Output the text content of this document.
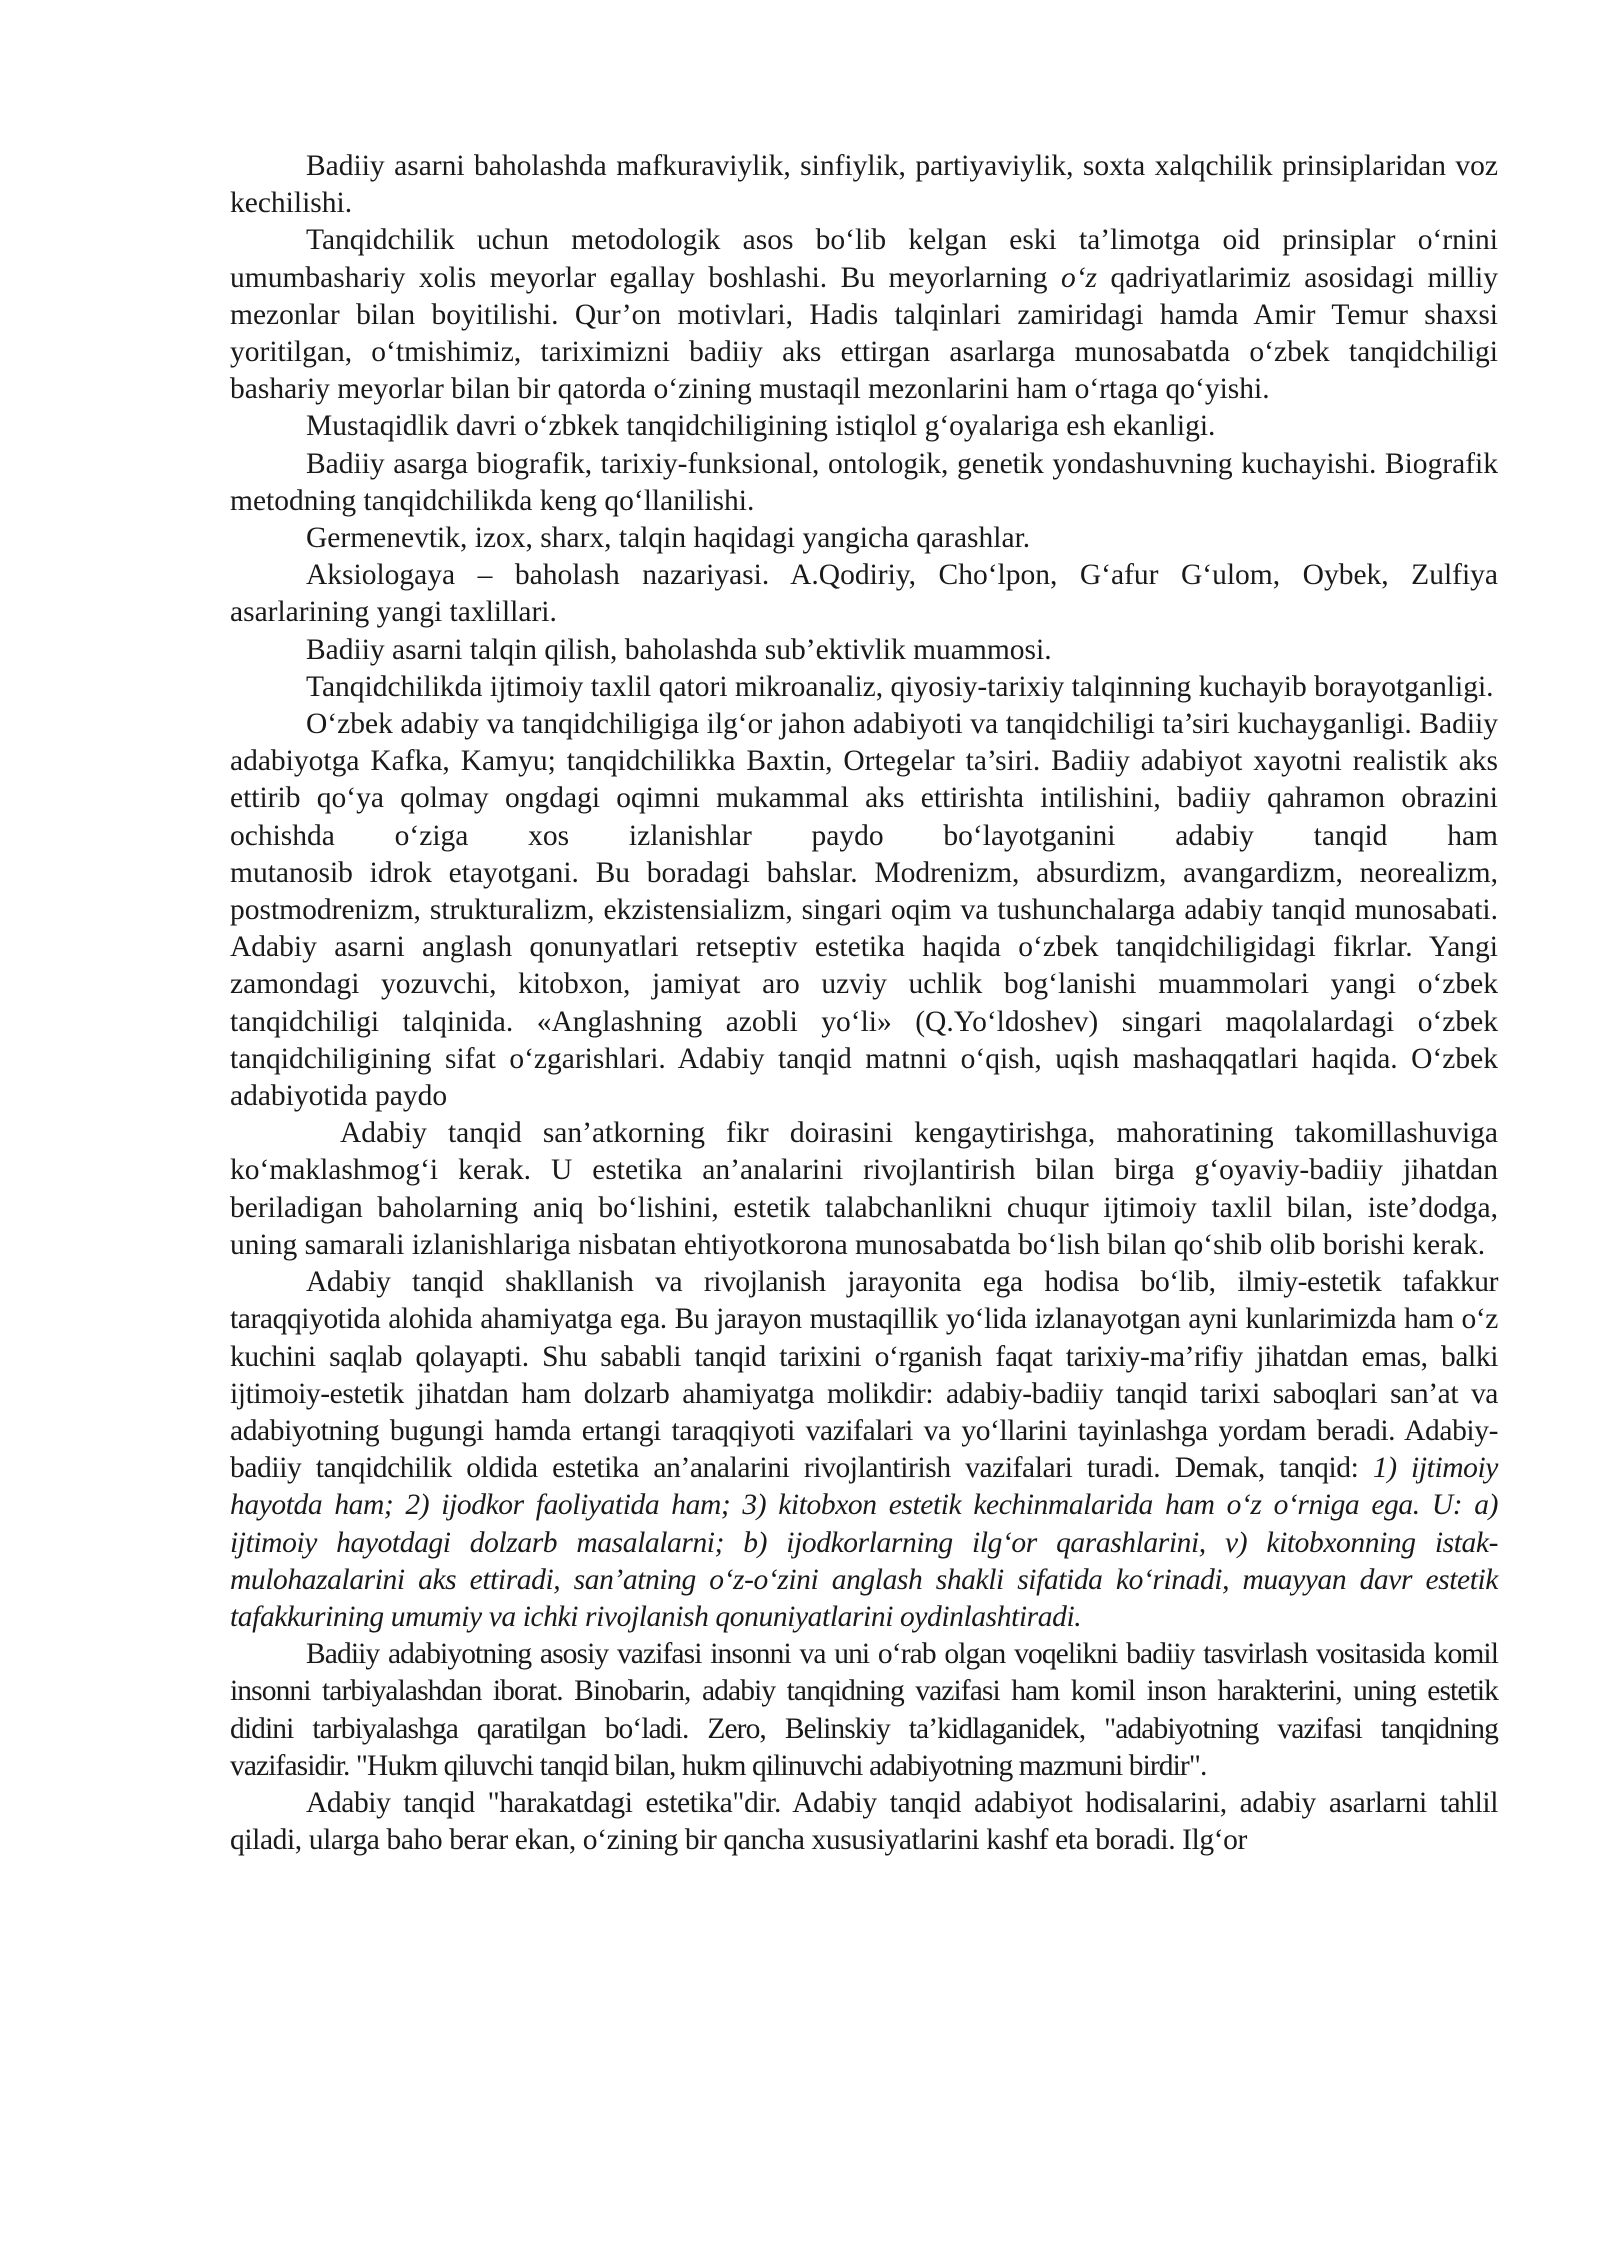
Badiiy asarni baholashda mafkuraviylik, sinfiylik, partiyaviylik, soxta xalqchilik prinsiplaridan voz kechilishi.

Tanqidchilik uchun metodologik asos bo‘lib kelgan eski ta’limotga oid prinsiplar o‘rnini umumbashariy xolis meyorlar egallay boshlashi. Bu meyorlarning o‘z qadriyatlarimiz asosidagi milliy mezonlar bilan boyitilishi. Qur’on motivlari, Hadis talqinlari zamiridagi hamda Amir Temur shaxsi yoritilgan, o‘tmishimiz, tariximizni badiiy aks ettirgan asarlarga munosabatda o‘zbek tanqidchiligi bashariy meyorlar bilan bir qatorda o‘zining mustaqil mezonlarini ham o‘rtaga qo‘yishi.

Mustaqidlik davri o‘zbkek tanqidchiligining istiqlol g‘oyalariga esh ekanligi.

Badiiy asarga biografik, tarixiy-funksional, ontologik, genetik yondashuvning kuchayishi. Biografik metodning tanqidchilikda keng qo‘llanilishi.

Germenevtik, izox, sharx, talqin haqidagi yangicha qarashlar.

Aksiologaya – baholash nazariyasi. A.Qodiriy, Cho‘lpon, G‘afur G‘ulom, Oybek, Zulfiya asarlarining yangi taxlillari.

Badiiy asarni talqin qilish, baholashda sub’ektivlik muammosi.

Tanqidchilikda ijtimoiy taxlil qatori mikroanaliz, qiyosiy-tarixiy talqinning kuchayib borayotganligi.

O‘zbek adabiy va tanqidchiligiga ilg‘or jahon adabiyoti va tanqidchiligi ta’siri kuchayganligi. Badiiy adabiyotga Kafka, Kamyu; tanqidchilikka Baxtin, Ortegelar ta’siri. Badiiy adabiyot xayotni realistik aks ettirib qo‘ya qolmay ongdagi oqimni mukammal aks ettirishta intilishini, badiiy qahramon obrazini ochishda o‘ziga xos izlanishlar paydo bo‘layotganini adabiy tanqid ham

mutanosib idrok etayotgani. Bu boradagi bahslar. Modrenizm, absurdizm, avangardizm, neorealizm, postmodrenizm, strukturalizm, ekzistensializm, singari oqim va tushunchalarga adabiy tanqid munosabati. Adabiy asarni anglash qonunyatlari retseptiv estetika haqida o‘zbek tanqidchiligidagi fikrlar. Yangi zamondagi yozuvchi, kitobxon, jamiyat aro uzviy uchlik bog‘lanishi muammolari yangi o‘zbek tanqidchiligi talqinida. «Anglashning azobli yo‘li» (Q.Yo‘ldoshev) singari maqolalardagi o‘zbek tanqidchiligining sifat o‘zgarishlari. Adabiy tanqid matnni o‘qish, uqish mashaqqatlari haqida. O‘zbek adabiyotida paydo

Adabiy tanqid san’atkorning fikr doirasini kengaytirishga, mahoratining takomillashuviga ko‘maklashmog‘i kerak. U estetika an’analarini rivojlantirish bilan birga g‘oyaviy-badiiy jihatdan beriladigan baholarning aniq bo‘lishini, estetik talabchanlikni chuqur ijtimoiy taxlil bilan, iste’dodga, uning samarali izlanishlariga nisbatan ehtiyotkorona munosabatda bo‘lish bilan qo‘shib olib borishi kerak.

Adabiy tanqid shakllanish va rivojlanish jarayonita ega hodisa bo‘lib, ilmiy-estetik tafakkur taraqqiyotida alohida ahamiyatga ega. Bu jarayon mustaqillik yo‘lida izlanayotgan ayni kunlarimizda ham o‘z kuchini saqlab qolayapti. Shu sababli tanqid tarixini o‘rganish faqat tarixiy-ma’rifiy jihatdan emas, balki ijtimoiy-estetik jihatdan ham dolzarb ahamiyatga molikdir: adabiy-badiiy tanqid tarixi saboqlari san’at va adabiyotning bugungi hamda ertangi taraqqiyoti vazifalari va yo‘llarini tayinlashga yordam beradi. Adabiy-badiiy tanqidchilik oldida estetika an’analarini rivojlantirish vazifalari turadi. Demak, tanqid: 1) ijtimoiy hayotda ham; 2) ijodkor faoliyatida ham; 3) kitobxon estetik kechinmalarida ham o‘z o‘rniga ega. U: a) ijtimoiy hayotdagi dolzarb masalalarni; b) ijodkorlarning ilg‘or qarashlarini, v) kitobxonning istak-mulohazalarini aks ettiradi, san’atning o‘z-o‘zini anglash shakli sifatida ko‘rinadi, muayyan davr estetik tafakkurining umumiy va ichki rivojlanish qonuniyatlarini oydinlashtiradi.

Badiiy adabiyotning asosiy vazifasi insonni va uni o‘rab olgan voqelikni badiiy tasvirlash vositasida komil insonni tarbiyalashdan iborat. Binobarin, adabiy tanqidning vazifasi ham komil inson harakterini, uning estetik didini tarbiyalashga qaratilgan bo‘ladi. Zero, Belinskiy ta’kidlaganidek, "adabiyotning vazifasi tanqidning vazifasidir. "Hukm qiluvchi tanqid bilan, hukm qilinuvchi adabiyotning mazmuni birdir".

Adabiy tanqid "harakatdagi estetika"dir. Adabiy tanqid adabiyot hodisalarini, adabiy asarlarni tahlil qiladi, ularga baho berar ekan, o‘zining bir qancha xususiyatlarini kashf eta boradi. Ilg‘or
